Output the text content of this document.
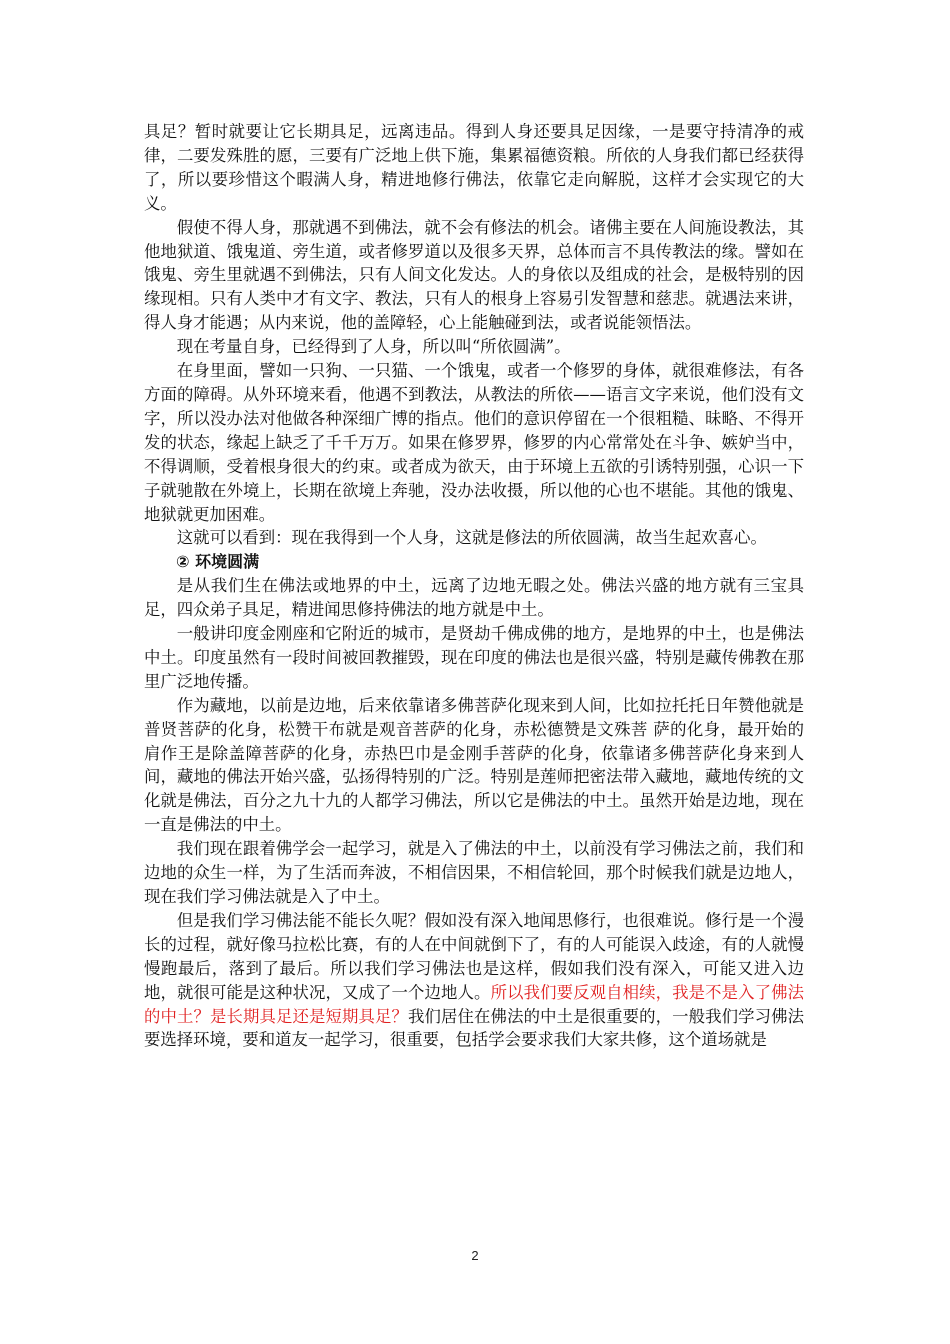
具足？暂时就要让它长期具足，远离违品。得到人身还要具足因缘，一是要守持清净的戒律，二要发殊胜的愿，三要有广泛地上供下施，集累福德资粮。所依的人身我们都已经获得了，所以要珍惜这个暇满人身，精进地修行佛法，依靠它走向解脱，这样才会实现它的大义。

假使不得人身，那就遇不到佛法，就不会有修法的机会。诸佛主要在人间施设教法，其他地狱道、饿鬼道、旁生道，或者修罗道以及很多天界，总体而言不具传教法的缘。譬如在饿鬼、旁生里就遇不到佛法，只有人间文化发达。人的身依以及组成的社会，是极特别的因缘现相。只有人类中才有文字、教法，只有人的根身上容易引发智慧和慈悲。就遇法来讲，得人身才能遇；从内来说，他的盖障轻，心上能触碰到法，或者说能领悟法。

现在考量自身，已经得到了人身，所以叫“所依圆满”。

在身里面，譬如一只狗、一只猫、一个饿鬼，或者一个修罗的身体，就很难修法，有各方面的障碍。从外环境来看，他遇不到教法，从教法的所依——语言文字来说，他们没有文字，所以没办法对他做各种深细广博的指点。他们的意识停留在一个很粗糙、昧略、不得开发的状态，缘起上缺乏了千千万万。如果在修罗界，修罗的内心常常处在斗争、嫉妒当中，不得调顺，受着根身很大的约束。或者成为欲天，由于环境上五欲的引诱特别强，心识一下子就驰散在外境上，长期在欲境上奔驰，没办法收摄，所以他的心也不堪能。其他的饿鬼、地狱就更加困难。

这就可以看到：现在我得到一个人身，这就是修法的所依圆满，故当生起欢喜心。

② 环境圆满

是从我们生在佛法或地界的中土，远离了边地无暇之处。佛法兴盛的地方就有三宝具足，四众弟子具足，精进闻思修持佛法的地方就是中土。

一般讲印度金刚座和它附近的城市，是贤劫千佛成佛的地方，是地界的中土，也是佛法中土。印度虽然有一段时间被回教摧毁，现在印度的佛法也是很兴盛，特别是藏传佛教在那里广泛地传播。

作为藏地，以前是边地，后来依靠诸多佛菩萨化现来到人间，比如拉托托日年赞他就是普贤菩萨的化身，松赞干布就是观音菩萨的化身，赤松德赞是文殊菩 萨的化身，最开始的肩作王是除盖障菩萨的化身，赤热巴巾是金刚手菩萨的化身，依靠诸多佛菩萨化身来到人间，藏地的佛法开始兴盛，弘扬得特别的广泛。特别是莲师把密法带入藏地，藏地传统的文化就是佛法，百分之九十九的人都学习佛法，所以它是佛法的中土。虽然开始是边地，现在一直是佛法的中土。

我们现在跟着佛学会一起学习，就是入了佛法的中土，以前没有学习佛法之前，我们和边地的众生一样，为了生活而奔波，不相信因果，不相信轮回，那个时候我们就是边地人，现在我们学习佛法就是入了中土。

但是我们学习佛法能不能长久呢？假如没有深入地闻思修行，也很难说。修行是一个漫长的过程，就好像马拉松比赛，有的人在中间就倒下了，有的人可能误入歧途，有的人就慢慢跑最后，落到了最后。所以我们学习佛法也是这样，假如我们没有深入，可能又进入边地，就很可能是这种状况，又成了一个边地人。所以我们要反观自相续，我是不是入了佛法的中土？是长期具足还是短期具足？我们居住在佛法的中土是很重要的，一般我们学习佛法要选择环境，要和道友一起学习，很重要，包括学会要求我们大家共修，这个道场就是

2
